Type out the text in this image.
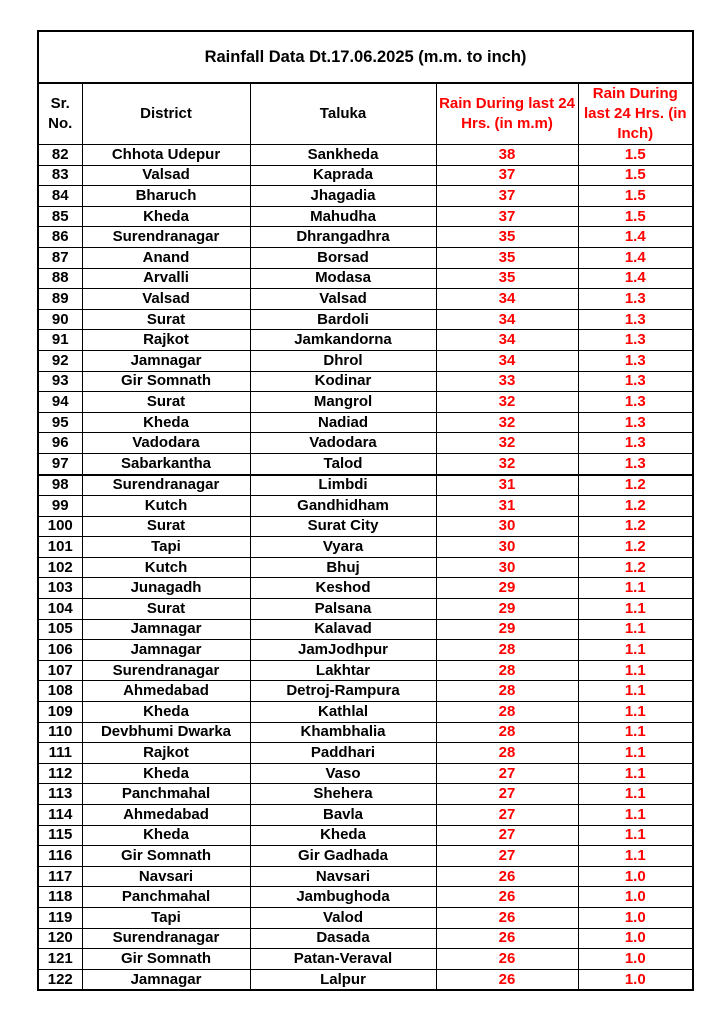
Rainfall Data Dt.17.06.2025 (m.m. to inch)				
Sr. No.	District	Taluka	Rain During last 24 Hrs. (in m.m)	Rain During last 24 Hrs. (in Inch)
82	Chhota Udepur	Sankheda	38	1.5
83	Valsad	Kaprada	37	1.5
84	Bharuch	Jhagadia	37	1.5
85	Kheda	Mahudha	37	1.5
86	Surendranagar	Dhrangadhra	35	1.4
87	Anand	Borsad	35	1.4
88	Arvalli	Modasa	35	1.4
89	Valsad	Valsad	34	1.3
90	Surat	Bardoli	34	1.3
91	Rajkot	Jamkandorna	34	1.3
92	Jamnagar	Dhrol	34	1.3
93	Gir Somnath	Kodinar	33	1.3
94	Surat	Mangrol	32	1.3
95	Kheda	Nadiad	32	1.3
96	Vadodara	Vadodara	32	1.3
97	Sabarkantha	Talod	32	1.3
98	Surendranagar	Limbdi	31	1.2
99	Kutch	Gandhidham	31	1.2
100	Surat	Surat City	30	1.2
101	Tapi	Vyara	30	1.2
102	Kutch	Bhuj	30	1.2
103	Junagadh	Keshod	29	1.1
104	Surat	Palsana	29	1.1
105	Jamnagar	Kalavad	29	1.1
106	Jamnagar	JamJodhpur	28	1.1
107	Surendranagar	Lakhtar	28	1.1
108	Ahmedabad	Detroj-Rampura	28	1.1
109	Kheda	Kathlal	28	1.1
110	Devbhumi Dwarka	Khambhalia	28	1.1
111	Rajkot	Paddhari	28	1.1
112	Kheda	Vaso	27	1.1
113	Panchmahal	Shehera	27	1.1
114	Ahmedabad	Bavla	27	1.1
115	Kheda	Kheda	27	1.1
116	Gir Somnath	Gir Gadhada	27	1.1
117	Navsari	Navsari	26	1.0
118	Panchmahal	Jambughoda	26	1.0
119	Tapi	Valod	26	1.0
120	Surendranagar	Dasada	26	1.0
121	Gir Somnath	Patan-Veraval	26	1.0
122	Jamnagar	Lalpur	26	1.0
